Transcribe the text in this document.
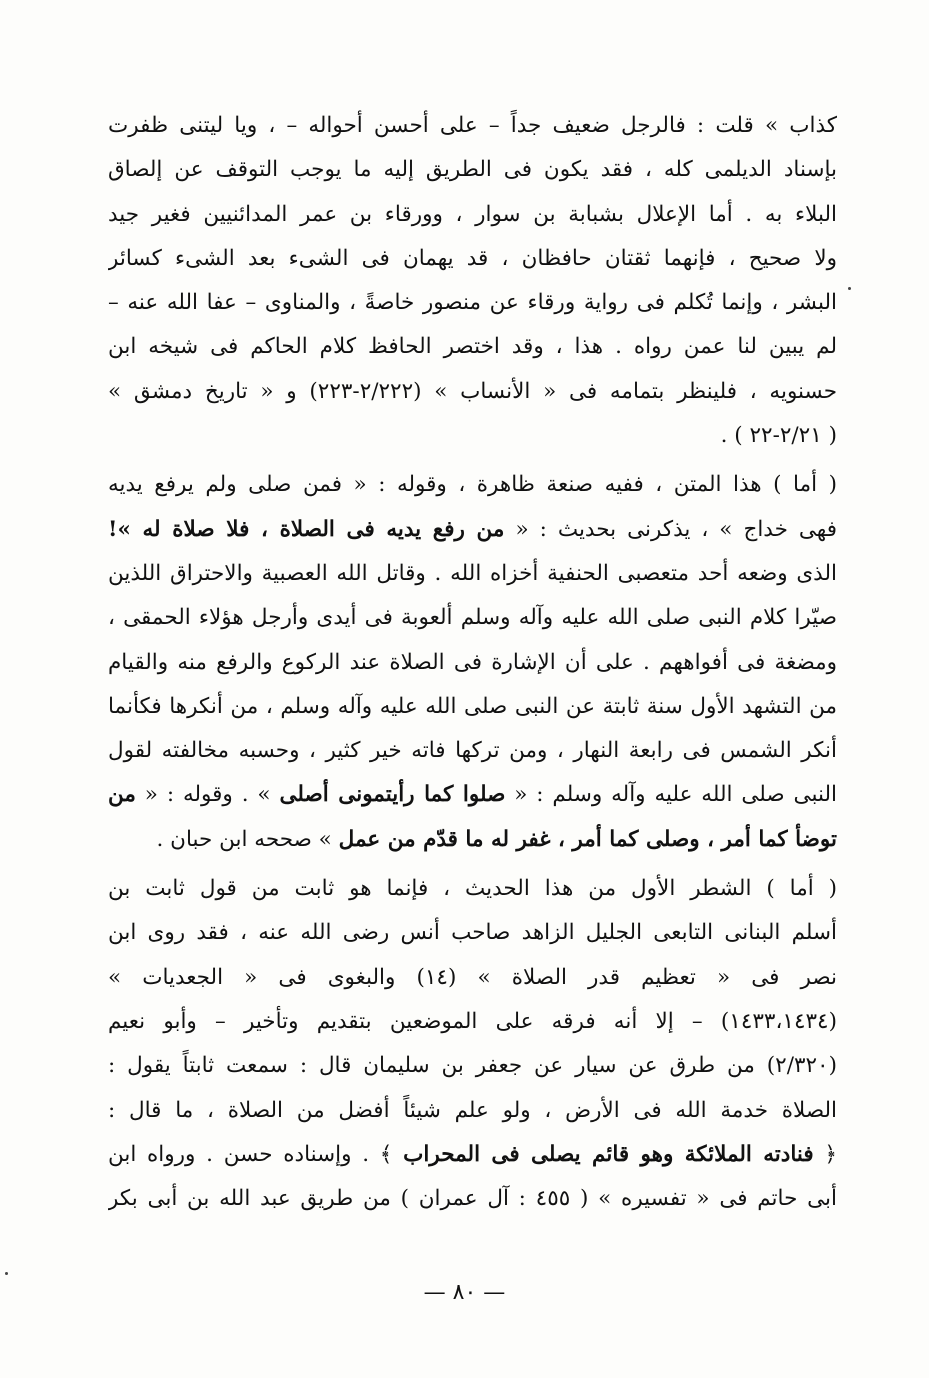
كذاب » قلت : فالرجل ضعيف جداً – على أحسن أحواله – ، ويا ليتنى ظفرت
بإسناد الديلمى كله ، فقد يكون فى الطريق إليه ما يوجب التوقف عن إلصاق
البلاء به . أما الإعلال بشبابة بن سوار ، وورقاء بن عمر المدائنيين فغير جيد
ولا صحيح ، فإنهما ثقتان حافظان ، قد يهمان فى الشىء بعد الشىء كسائر
البشر ، وإنما تُكلم فى رواية ورقاء عن منصور خاصةً ، والمناوى – عفا الله عنه –
لم يبين لنا عمن رواه . هذا ، وقد اختصر الحافظ كلام الحاكم فى شيخه ابن
حسنويه ، فلينظر بتمامه فى « الأنساب » (٢/٢٢٢-٢٢٣) و « تاريخ دمشق »
( ٢/٢١-٢٢ ) .

( أما ) هذا المتن ، ففيه صنعة ظاهرة ، وقوله : « فمن صلى ولم يرفع يديه
فهى خداج » ، يذكرنى بحديث : « من رفع يديه فى الصلاة ، فلا صلاة له »!
الذى وضعه أحد متعصبى الحنفية أخزاه الله . وقاتل الله العصبية والاحتراق اللذين
صيّرا كلام النبى صلى الله عليه وآله وسلم ألعوبة فى أيدى وأرجل هؤلاء الحمقى ،
ومضغة فى أفواههم . على أن الإشارة فى الصلاة عند الركوع والرفع منه والقيام
من التشهد الأول سنة ثابتة عن النبى صلى الله عليه وآله وسلم ، من أنكرها فكأنما
أنكر الشمس فى رابعة النهار ، ومن تركها فاته خير كثير ، وحسبه مخالفته لقول
النبى صلى الله عليه وآله وسلم : « صلوا كما رأيتمونى أصلى » . وقوله : « من
توضأ كما أمر ، وصلى كما أمر ، غفر له ما قدّم من عمل » صححه ابن حبان .

( أما ) الشطر الأول من هذا الحديث ، فإنما هو ثابت من قول ثابت بن
أسلم البنانى التابعى الجليل الزاهد صاحب أنس رضى الله عنه ، فقد روى ابن
نصر فى « تعظيم قدر الصلاة » (١٤) والبغوى فى « الجعديات »
(١٤٣٣،١٤٣٤) – إلا أنه فرقه على الموضعين بتقديم وتأخير – وأبو نعيم
(٢/٣٢٠) من طرق عن سيار عن جعفر بن سليمان قال : سمعت ثابتاً يقول :
الصلاة خدمة الله فى الأرض ، ولو علم شيئاً أفضل من الصلاة ، ما قال :
﴿ فنادته الملائكة وهو قائم يصلى فى المحراب ﴾ . وإسناده حسن . ورواه ابن
أبى حاتم فى « تفسيره » ( ٤٥٥ : آل عمران ) من طريق عبد الله بن أبى بكر

— ٨٠ —
